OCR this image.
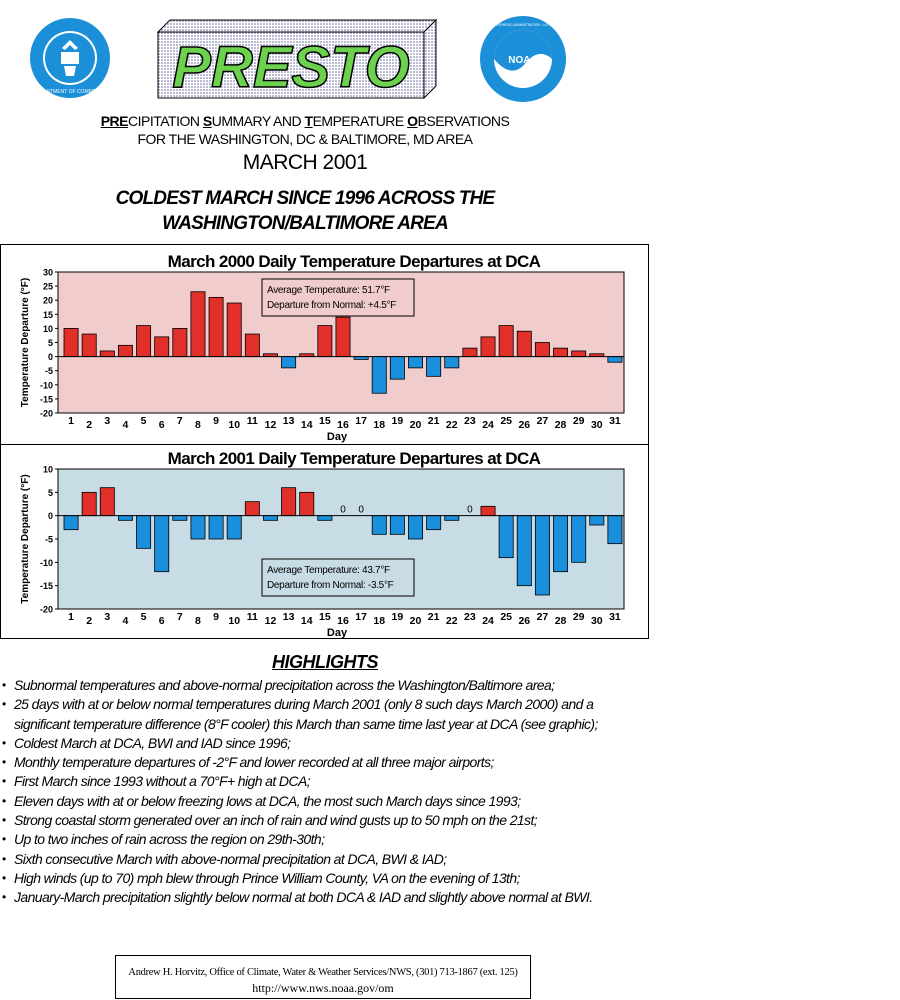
DEPARTMENT OF COMMERCE PRESTO	NOAA
NATIONAL OCEANIC AND ATMOSPHERIC ADMINISTRATION · U.S. DEPARTMENT OF COMMERCE
PRECIPITATION SUMMARY AND TEMPERATURE OBSERVATIONS
FOR THE WASHINGTON, DC & BALTIMORE, MD AREA
MARCH 2001
COLDEST MARCH SINCE 1996 ACROSS THE
WASHINGTON/BALTIMORE AREA
March 2000 Daily Temperature Departures at DCA
30
25
20
15
10
5
0
-5
-10
-15
-20
Temperature Departure (°F)
1 2 3 4 5 6 7 8 9 10 11 12 13 14 15 16 17 18 19 20 21 22 23 24 25 26 27 28 29 30 31
Day
Average Temperature: 51.7°F
Departure from Normal: +4.5°F
March 2001 Daily Temperature Departures at DCA
10
5
0
-5
-10
-15
-20
Temperature Departure (°F)
1 2 3 4 5 6 7 8 9 10 11 12 13 14 15 16 17 18 19 20 21 22 23 24 25 26 27 28 29 30 31
0 0	0
Day
Average Temperature: 43.7°F
Departure from Normal: -3.5°F
HIGHLIGHTS
• Subnormal temperatures and above-normal precipitation across the Washington/Baltimore area;
• 25 days with at or below normal temperatures during March 2001 (only 8 such days March 2000) and a significant temperature difference (8°F cooler) this March than same time last year at DCA (see graphic);
• Coldest March at DCA, BWI and IAD since 1996;
• Monthly temperature departures of -2°F and lower recorded at all three major airports;
• First March since 1993 without a 70°F+ high at DCA;
• Eleven days with at or below freezing lows at DCA, the most such March days since 1993;
• Strong coastal storm generated over an inch of rain and wind gusts up to 50 mph on the 21st;
• Up to two inches of rain across the region on 29th-30th;
• Sixth consecutive March with above-normal precipitation at DCA, BWI & IAD;
• High winds (up to 70) mph blew through Prince William County, VA on the evening of 13th;
• January-March precipitation slightly below normal at both DCA & IAD and slightly above normal at BWI.
Andrew H. Horvitz, Office of Climate, Water & Weather Services/NWS, (301) 713-1867 (ext. 125)
http://www.nws.noaa.gov/om
